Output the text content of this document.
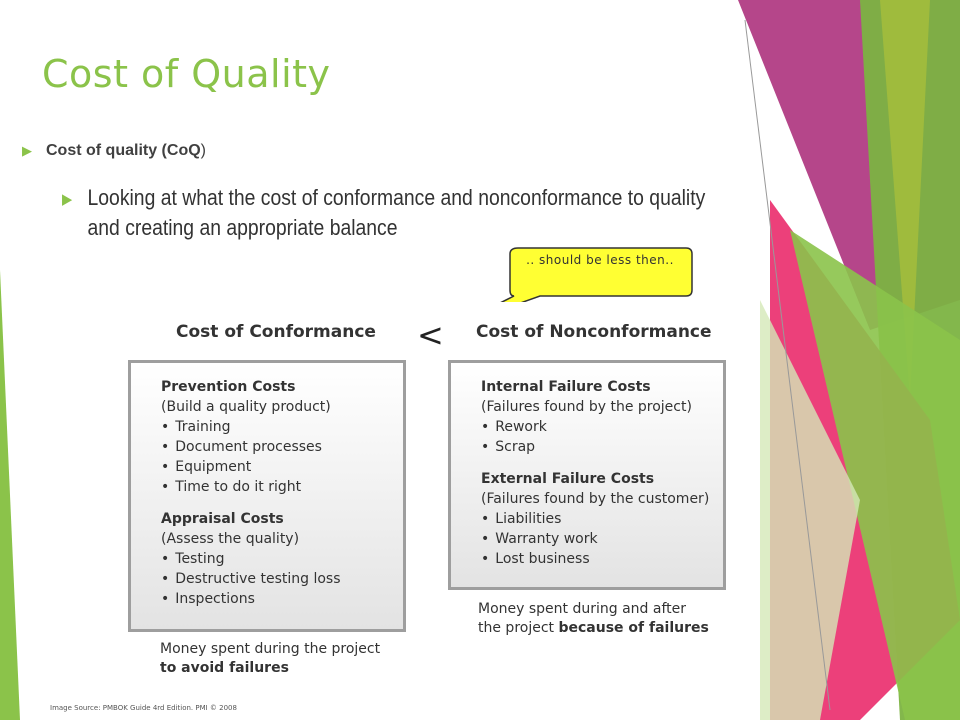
Cost of Quality
▶ Cost of quality (CoQ )
▶ Looking at what the cost of conformance and nonconformance to quality and creating an appropriate balance
.. should be less then..
Cost of Conformance	Cost of Nonconformance
Prevention Costs
(Build a quality product)
• Training
• Document processes
• Equipment
• Time to do it right
Appraisal Costs
(Assess the quality)
• Testing
• Destructive testing loss
• Inspections
Internal Failure Costs
(Failures found by the project)
• Rework
• Scrap
External Failure Costs
(Failures found by the customer)
• Liabilities
• Warranty work
• Lost business
Money spent during the project
to avoid failures
Money spent during and after
the project because of failures
<
Image Source: PMBOK Guide 4rd Edition. PMI © 2008
